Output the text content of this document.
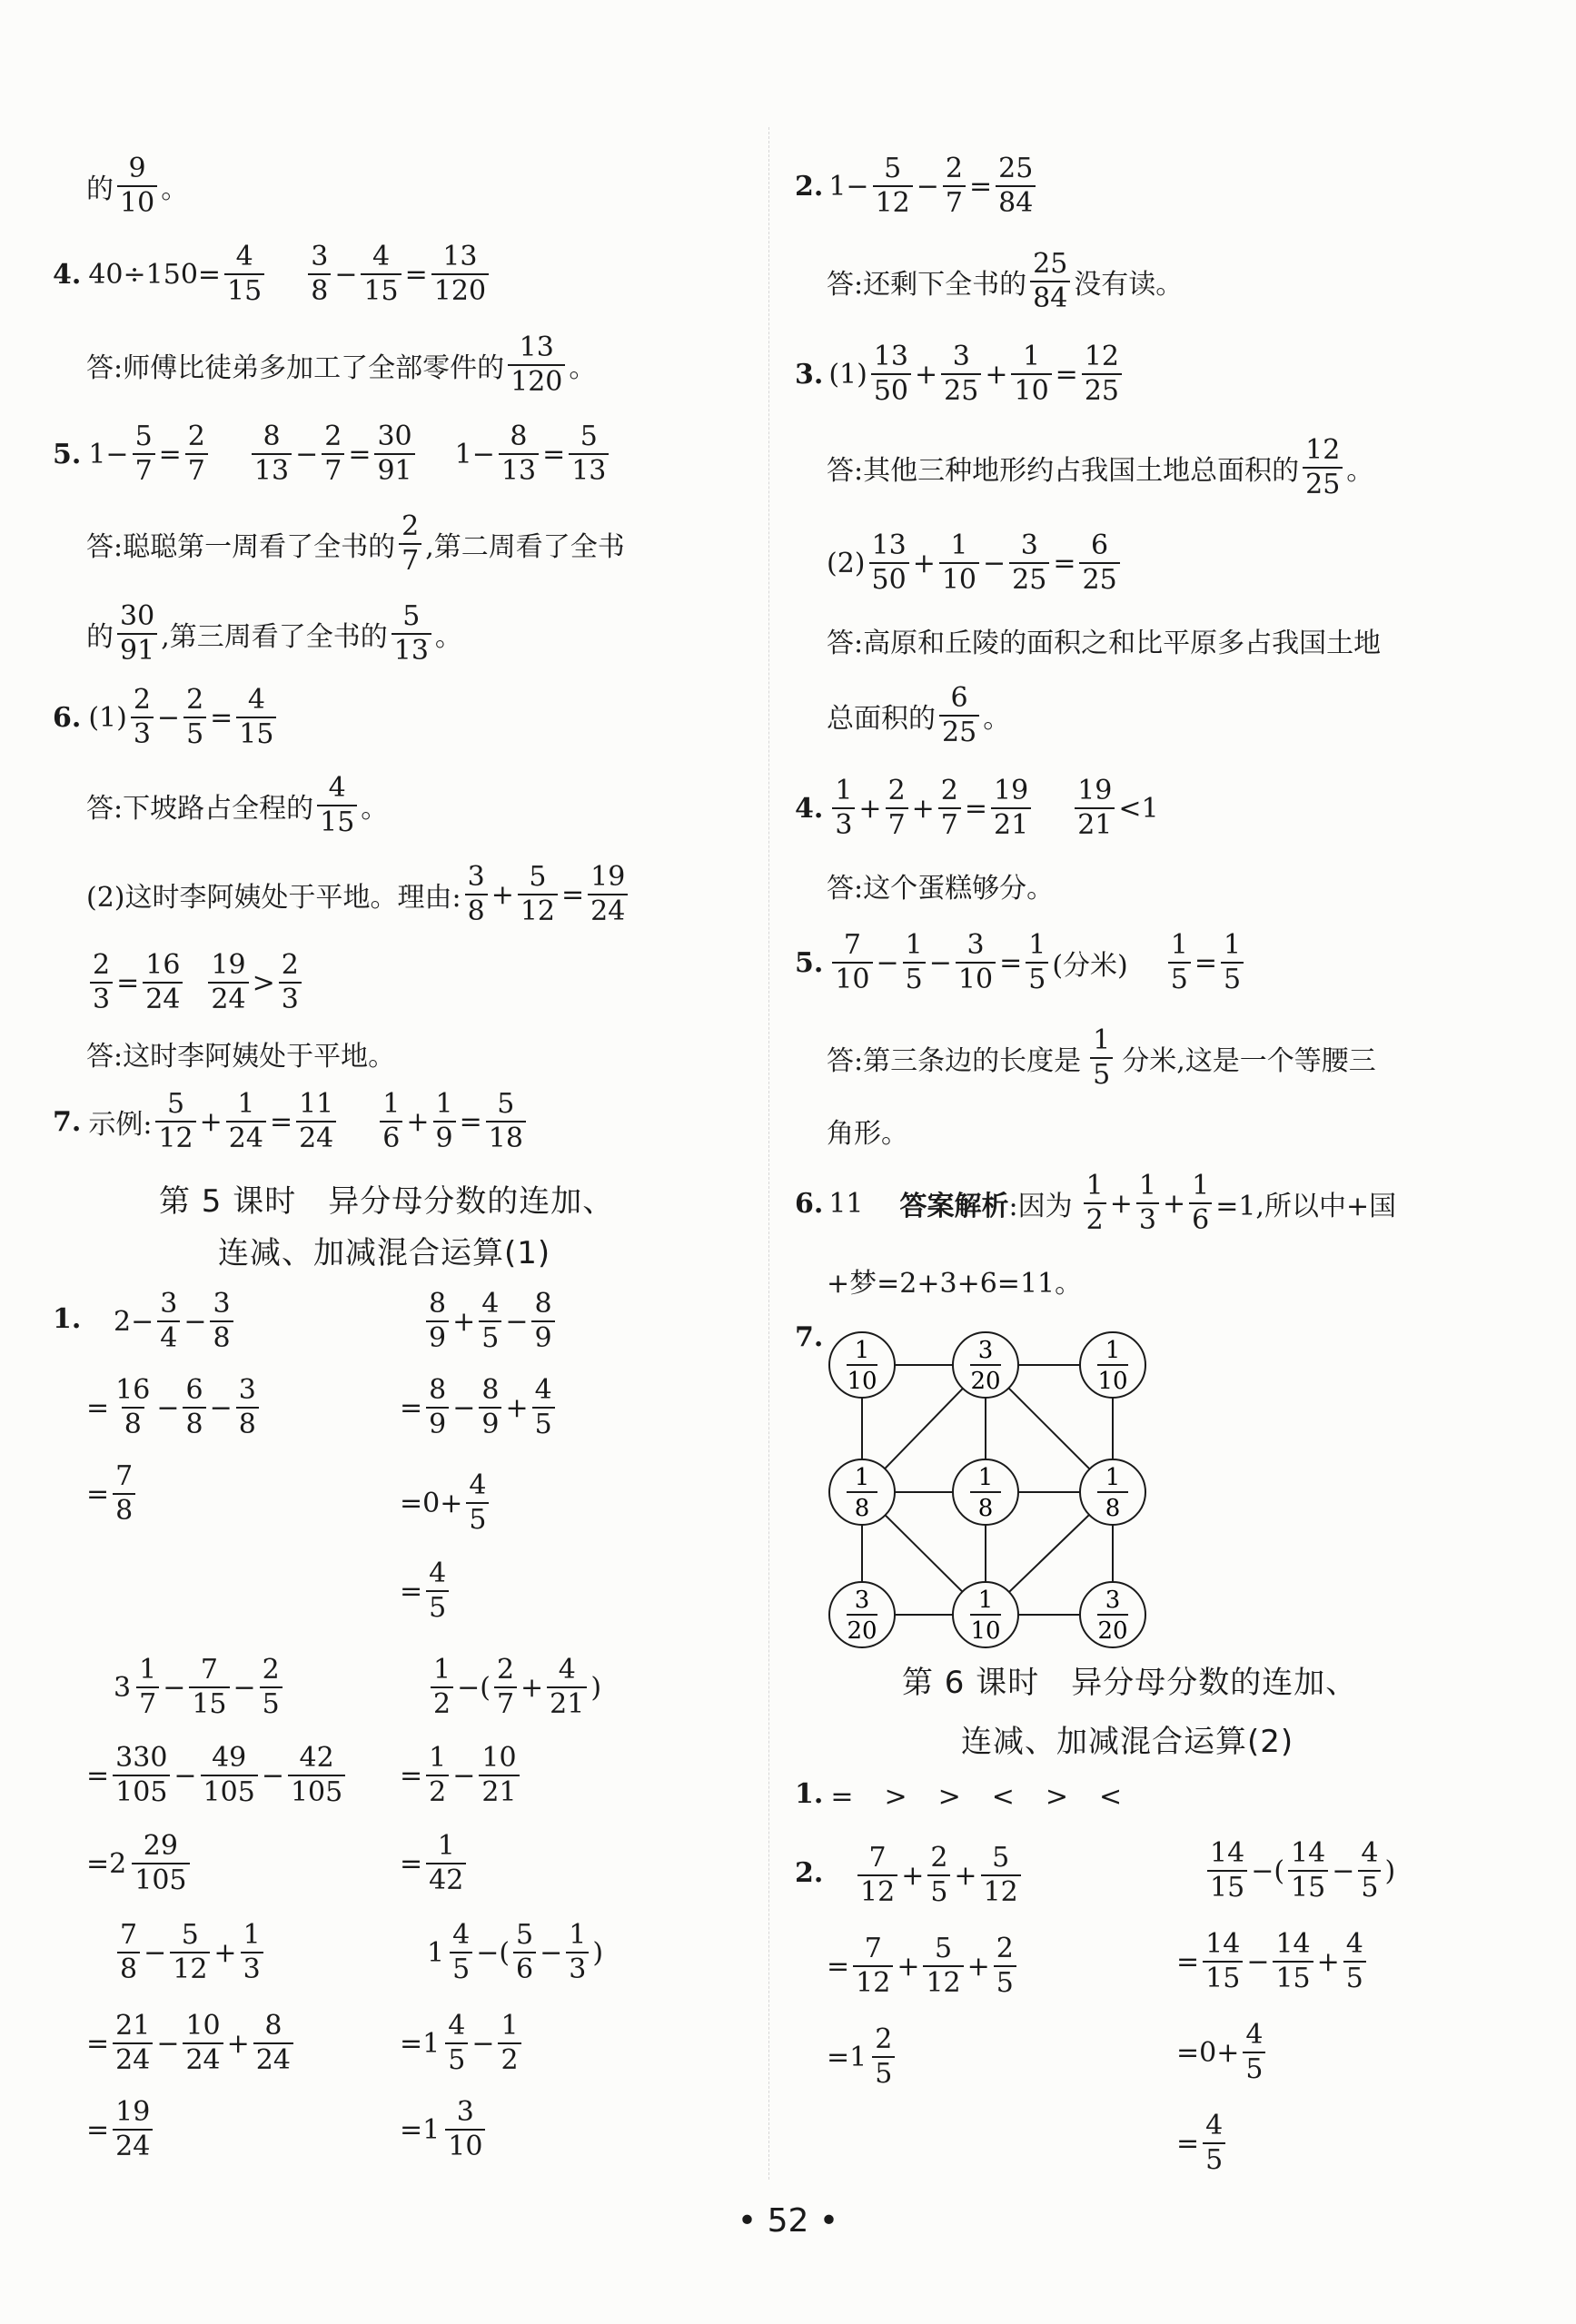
的
9
10 。
4. $40\div 150= \frac{4}{15} 3$
8
−
4
15
=
13
120
答:师傅比徒弟多加工了全部零件的
13
120 。
5. $1- \frac{5}{7}$ =
2
7
8
13
−
2
7
=
30
91
1−
8
13
=
5
13
答:聪聪第一周看了全书的
2
7 ,第二周看了全书
的
30
91 ,第三周看了全书的
5
13 。
6. (1)
2
3
−
2
5
=
4
15
答:下坡路占全程的
4
15 。
(2)这时李阿姨处于平地。理由:
3
8
+
5
12
=
19
24
2
3
=
16
24
19
24
>
2
3
答:这时李阿姨处于平地。
7. 示例:
5
12
+
1
24
=
11
24
1
6
+
1
9
=
5
18
第 5 课时　异分母分数的连加、
连减、加减混合运算(1)
1. 2−
3
4
−
3
8
=
16
8
−
6
8
−
3
8
=
7
8
8
9
+
4
5
−
8
9
=
8
9
−
8
9
+
4
5
=0+
4
5
=
4
5
3
1
7
−
7
15
−
2
5
=
330
105
−
49
105
−
42
105
=2
29
105
1
2
−(
2
7
+
4
21
)
=
1
2
−
10
21
=
1
42
7
8
−
5
12
+
1
3
=
21
24
−
10
24
+
8
24
=
19
24
1
4
5
−(
5
6
−
1
3
)
=1
4
5
−
1
2
=1
3
10
2. $1- \frac{5}{12}$ −
2
7
=
25
84
答:还剩下全书的
25
84 没有读。
3. (1)
13
50
+
3
25
+
1
10
=
12
25
答:其他三种地形约占我国土地总面积的
12
25 。
(2)
13
50
+
1
10
−
3
25
=
6
25
答:高原和丘陵的面积之和比平原多占我国土地
总面积的
6
25 。
4.
1
3
+
2
7
+
2
7
=
19
21
19
21
<1
答:这个蛋糕够分。
5.
7
10
−
1
5
−
3
10
=
1
5 (分米)
1
5
=
1
5
答:第三条边的长度是
1
5 分米,这是一个等腰三
角形。
6. 11 答案解析 :因为
1
2
+
1
3
+ $\frac{1}{6} =1$,所以中+国
+梦=2+3+6=11。
7. 1
10
3
20
1
10
1
8
1
8
1
8
3
20
1
10
3
20
第 6 课时　异分母分数的连加、
连减、加减混合运算(2)
1. =　>　>　<　>　<
2. 7
12
+
2
5
+
5
12
=
7
12
+
5
12
+
2
5
=1
2
5
14
15
−(
14
15
−
4
5
)
=
14
15
−
14
15
+
4
5
=0+
4
5
=
4
5
• 52 •
